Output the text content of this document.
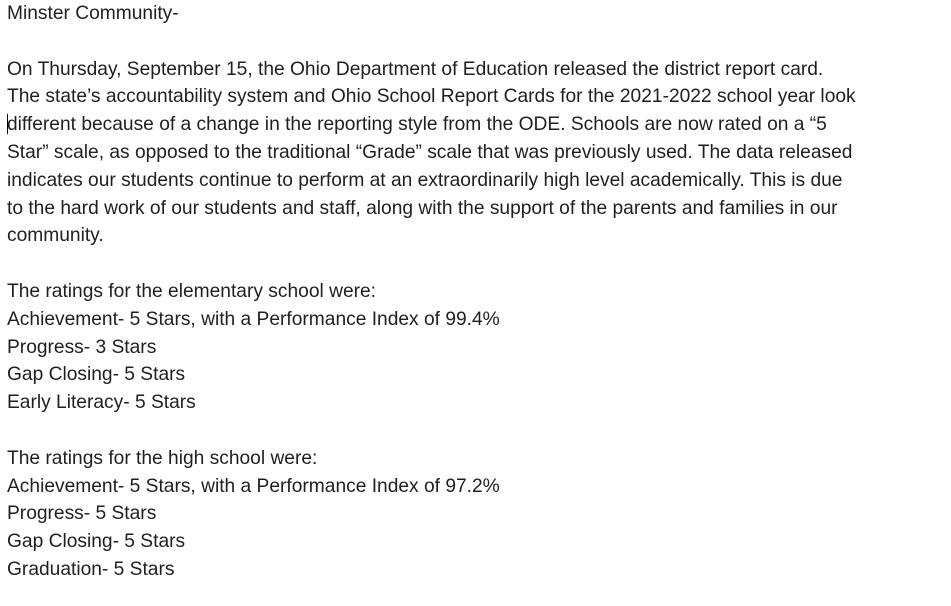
Minster Community-
On Thursday, September 15, the Ohio Department of Education released the district report card.
The state’s accountability system and Ohio School Report Cards for the 2021-2022 school year look
different because of a change in the reporting style from the ODE. Schools are now rated on a “5
Star” scale, as opposed to the traditional “Grade” scale that was previously used. The data released
indicates our students continue to perform at an extraordinarily high level academically. This is due
to the hard work of our students and staff, along with the support of the parents and families in our
community.
The ratings for the elementary school were:
Achievement- 5 Stars, with a Performance Index of 99.4%
Progress- 3 Stars
Gap Closing- 5 Stars
Early Literacy- 5 Stars
The ratings for the high school were:
Achievement- 5 Stars, with a Performance Index of 97.2%
Progress- 5 Stars
Gap Closing- 5 Stars
Graduation- 5 Stars
